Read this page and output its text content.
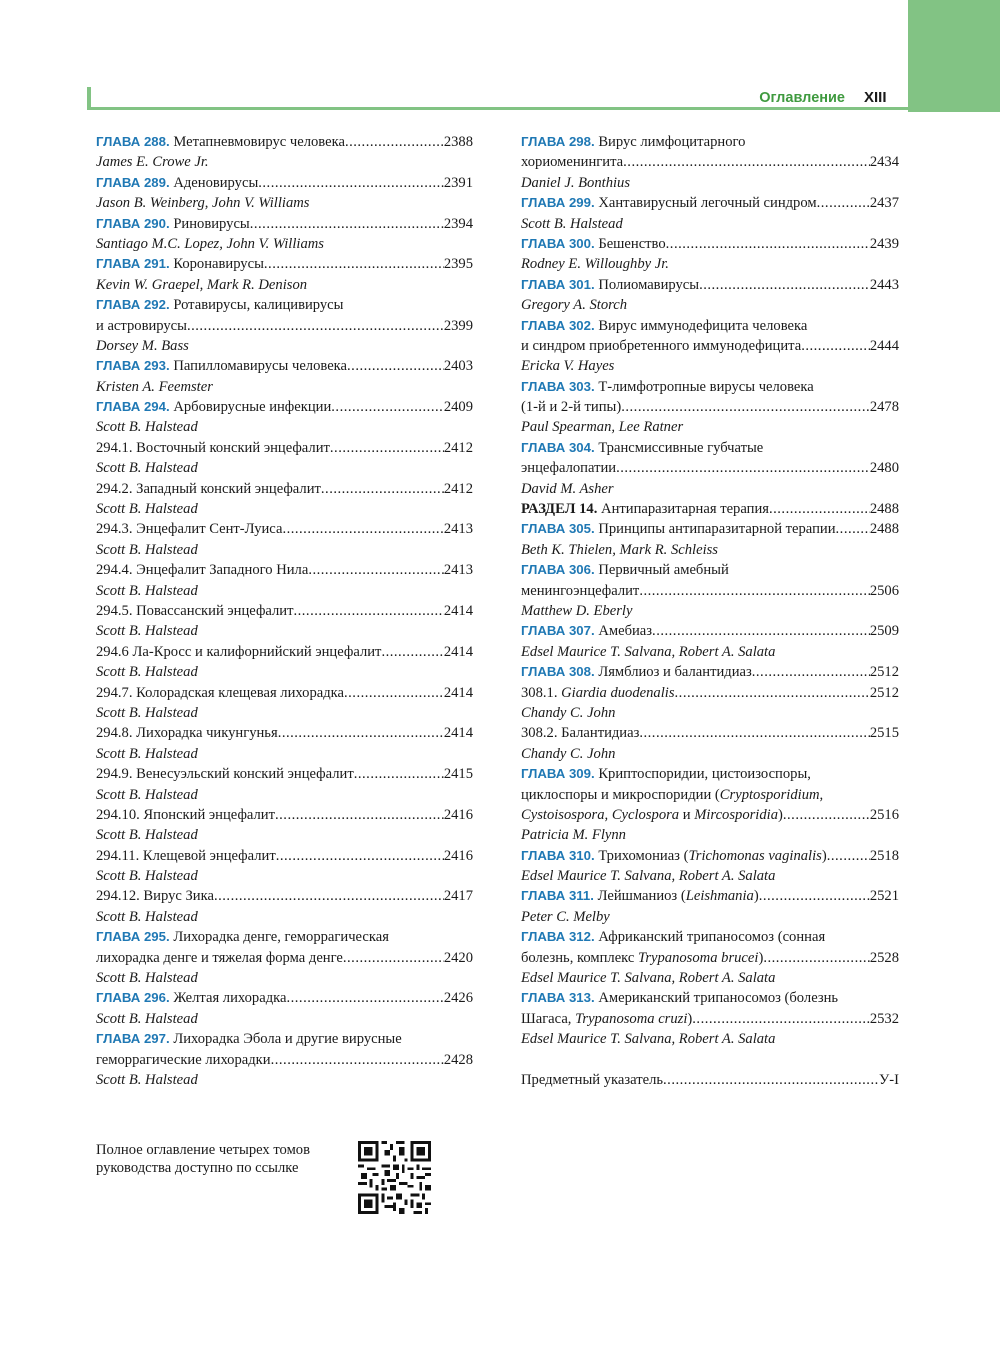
Оглавление XIII
ГЛАВА 288. Метапневмовирус человека .....	2388
James E. Crowe Jr.
ГЛАВА 289. Аденовирусы .....	2391
Jason B. Weinberg, John V. Williams
ГЛАВА 290. Риновирусы .....	2394
Santiago M.C. Lopez, John V. Williams
ГЛАВА 291. Коронавирусы .....	2395
Kevin W. Graepel, Mark R. Denison
ГЛАВА 292. Ротавирусы, калицивирусы
и астровирусы .....	2399
Dorsey M. Bass
ГЛАВА 293. Папилломавирусы человека .....	2403
Kristen A. Feemster
ГЛАВА 294. Арбовирусные инфекции .....	2409
Scott B. Halstead
294.1. Восточный конский энцефалит .....	2412
Scott B. Halstead
294.2. Западный конский энцефалит .....	2412
Scott B. Halstead
294.3. Энцефалит Сент-Луиса .....	2413
Scott B. Halstead
294.4. Энцефалит Западного Нила .....	2413
Scott B. Halstead
294.5. Повассанский энцефалит .....	2414
Scott B. Halstead
294.6 Ла-Кросс и калифорнийский энцефалит .....	2414
Scott B. Halstead
294.7. Колорадская клещевая лихорадка .....	2414
Scott B. Halstead
294.8. Лихорадка чикунгунья .....	2414
Scott B. Halstead
294.9. Венесуэльский конский энцефалит .....	2415
Scott B. Halstead
294.10. Японский энцефалит .....	2416
Scott B. Halstead
294.11. Клещевой энцефалит .....	2416
Scott B. Halstead
294.12. Вирус Зика .....	2417
Scott B. Halstead
ГЛАВА 295. Лихорадка денге, геморрагическая
лихорадка денге и тяжелая форма денге .....	2420
Scott B. Halstead
ГЛАВА 296. Желтая лихорадка .....	2426
Scott B. Halstead
ГЛАВА 297. Лихорадка Эбола и другие вирусные
геморрагические лихорадки .....	2428
Scott B. Halstead
ГЛАВА 298. Вирус лимфоцитарного
хориоменингита .....	2434
Daniel J. Bonthius
ГЛАВА 299. Хантавирусный легочный синдром .....	2437
Scott B. Halstead
ГЛАВА 300. Бешенство .....	2439
Rodney E. Willoughby Jr.
ГЛАВА 301. Полиомавирусы .....	2443
Gregory A. Storch
ГЛАВА 302. Вирус иммунодефицита человека
и синдром приобретенного иммунодефицита .....	2444
Ericka V. Hayes
ГЛАВА 303. Т-лимфотропные вирусы человека
(1-й и 2-й типы) .....	2478
Paul Spearman, Lee Ratner
ГЛАВА 304. Трансмиссивные губчатые
энцефалопатии .....	2480
David M. Asher
РАЗДЕЛ 14. Антипаразитарная терапия .....	2488
ГЛАВА 305. Принципы антипаразитарной терапии ..... 2488
Beth K. Thielen, Mark R. Schleiss
ГЛАВА 306. Первичный амебный
менингоэнцефалит .....	2506
Matthew D. Eberly
ГЛАВА 307. Амебиаз .....	2509
Edsel Maurice T. Salvana, Robert A. Salata
ГЛАВА 308. Лямблиоз и балантидиаз .....	2512
308.1. Giardia duodenalis .....	2512
Chandy C. John
308.2. Балантидиаз .....	2515
Chandy C. John
ГЛАВА 309. Криптоспоридии, цистоизоспоры,
циклоспоры и микроспоридии (Cryptosporidium,
Cystoisospora, Cyclospora и Mircosporidia) .....	2516
Patricia M. Flynn
ГЛАВА 310. Трихомониаз (Trichomonas vaginalis) .....	2518
Edsel Maurice T. Salvana, Robert A. Salata
ГЛАВА 311. Лейшманиоз (Leishmania) .....	2521
Peter C. Melby
ГЛАВА 312. Африканский трипаносомоз (сонная
болезнь, комплекс Trypanosoma brucei) .....	2528
Edsel Maurice T. Salvana, Robert A. Salata
ГЛАВА 313. Американский трипаносомоз (болезнь
Шагаса, Trypanosoma cruzi) .....	2532
Edsel Maurice T. Salvana, Robert A. Salata
Предметный указатель .....	У-I
Полное оглавление четырех томов
руководства доступно по ссылке
